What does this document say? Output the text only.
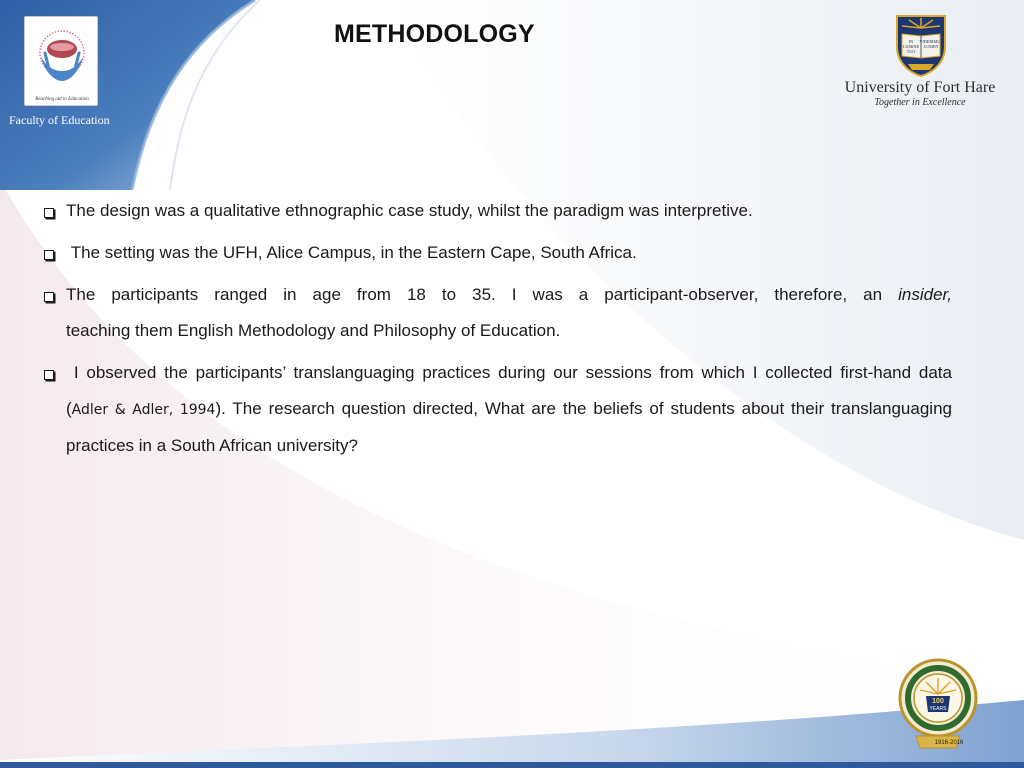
Reaching out to Education
Faculty of Education
METHODOLOGY	IN
LUMINE
TUO
VIDEBIMUS
LUMEN
University of Fort Hare
Together in Excellence
The design was a qualitative ethnographic case study, whilst the paradigm was interpretive.
The setting was the UFH, Alice Campus, in the Eastern Cape, South Africa.
The participants ranged in age from 18 to 35. I was a participant-observer, therefore, an insider,
teaching them English Methodology and Philosophy of Education.
I observed the participants’ translanguaging practices during our sessions from which I collected first-hand data (Adler & Adler, 1994). The research question directed, What are the beliefs of students about their translanguaging practices in a South African university?
100
YEARS
1916-2016
